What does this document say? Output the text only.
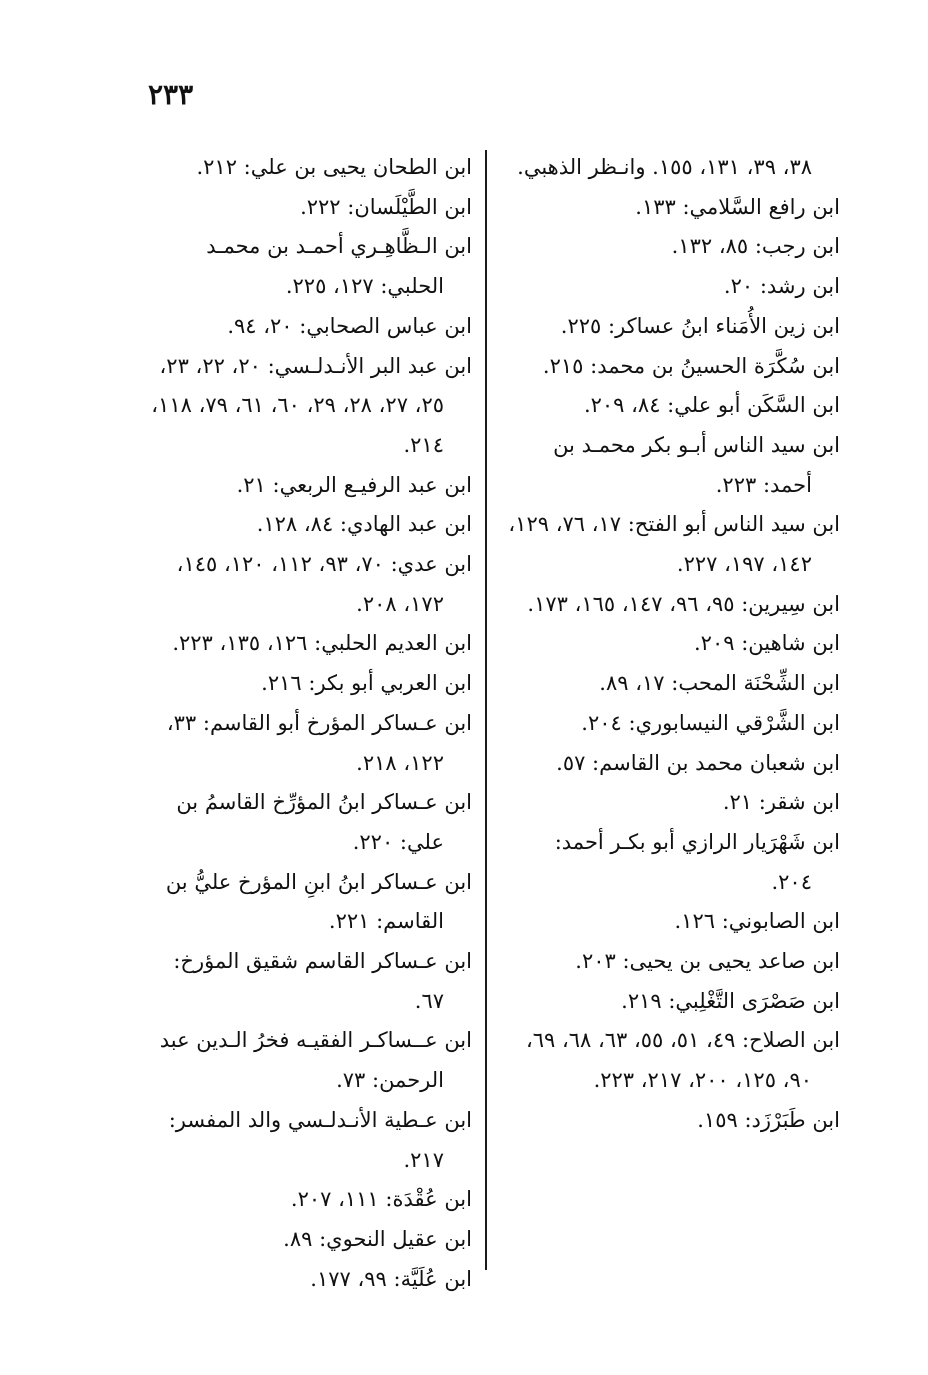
٢٣٣

٣٨، ٣٩، ١٣١، ١٥٥. وانـظر الذهبي.

ابن رافع السَّلامي: ١٣٣.

ابن رجب: ٨٥، ١٣٢.

ابن رشد: ٢٠.

ابن زين الأُمَناء ابنُ عساكر: ٢٢٥.

ابن سُكَّرَة الحسينُ بن محمد: ٢١٥.

ابن السَّكَن أبو علي: ٨٤، ٢٠٩.

ابن سيد الناس أبـو بكر محمـد بن أحمد: ٢٢٣.

ابن سيد الناس أبو الفتح: ١٧، ٧٦، ١٢٩، ١٤٢، ١٩٧، ٢٢٧.

ابن سِيرين: ٩٥، ٩٦، ١٤٧، ١٦٥، ١٧٣.

ابن شاهين: ٢٠٩.

ابن الشِّحْنَة المحب: ١٧، ٨٩.

ابن الشَّرْقي النيسابوري: ٢٠٤.

ابن شعبان محمد بن القاسم: ٥٧.

ابن شقر: ٢١.

ابن شَهْرَيار الرازي أبو بكـر أحمد: ٢٠٤.

ابن الصابوني: ١٢٦.

ابن صاعد يحيى بن يحيى: ٢٠٣.

ابن صَصْرَى التَّغْلِبي: ٢١٩.

ابن الصلاح: ٤٩، ٥١، ٥٥، ٦٣، ٦٨، ٦٩، ٩٠، ١٢٥، ٢٠٠، ٢١٧، ٢٢٣.

ابن طَبَرْزَد: ١٥٩.

ابن الطحان يحيى بن علي: ٢١٢.

ابن الطَّيْلَسان: ٢٢٢.

ابن الـظَّاهِـري أحمـد بن محمـد الحلبي: ١٢٧، ٢٢٥.

ابن عباس الصحابي: ٢٠، ٩٤.

ابن عبد البر الأنـدلـسي: ٢٠، ٢٢، ٢٣، ٢٥، ٢٧، ٢٨، ٢٩، ٦٠، ٦١، ٧٩، ١١٨، ٢١٤.

ابن عبد الرفيـع الربعي: ٢١.

ابن عبد الهادي: ٨٤، ١٢٨.

ابن عدي: ٧٠، ٩٣، ١١٢، ١٢٠، ١٤٥، ١٧٢، ٢٠٨.

ابن العديم الحلبي: ١٢٦، ١٣٥، ٢٢٣.

ابن العربي أبو بكر: ٢١٦.

ابن عـساكر المؤرخ أبو القاسم: ٣٣، ١٢٢، ٢١٨.

ابن عـساكر ابنُ المؤرِّخ القاسمُ بن علي: ٢٢٠.

ابن عـساكر ابنُ ابنِ المؤرخ عليُّ بن القاسم: ٢٢١.

ابن عـساكر القاسم شقيق المؤرخ: ٦٧.

ابن عــساكـر الفقيـه فخرُ الـدين عبد الرحمن: ٧٣.

ابن عـطية الأنـدلـسي والد المفسر: ٢١٧.

ابن عُقْدَة: ١١١، ٢٠٧.

ابن عقيل النحوي: ٨٩.

ابن عُلَيَّة: ٩٩، ١٧٧.
